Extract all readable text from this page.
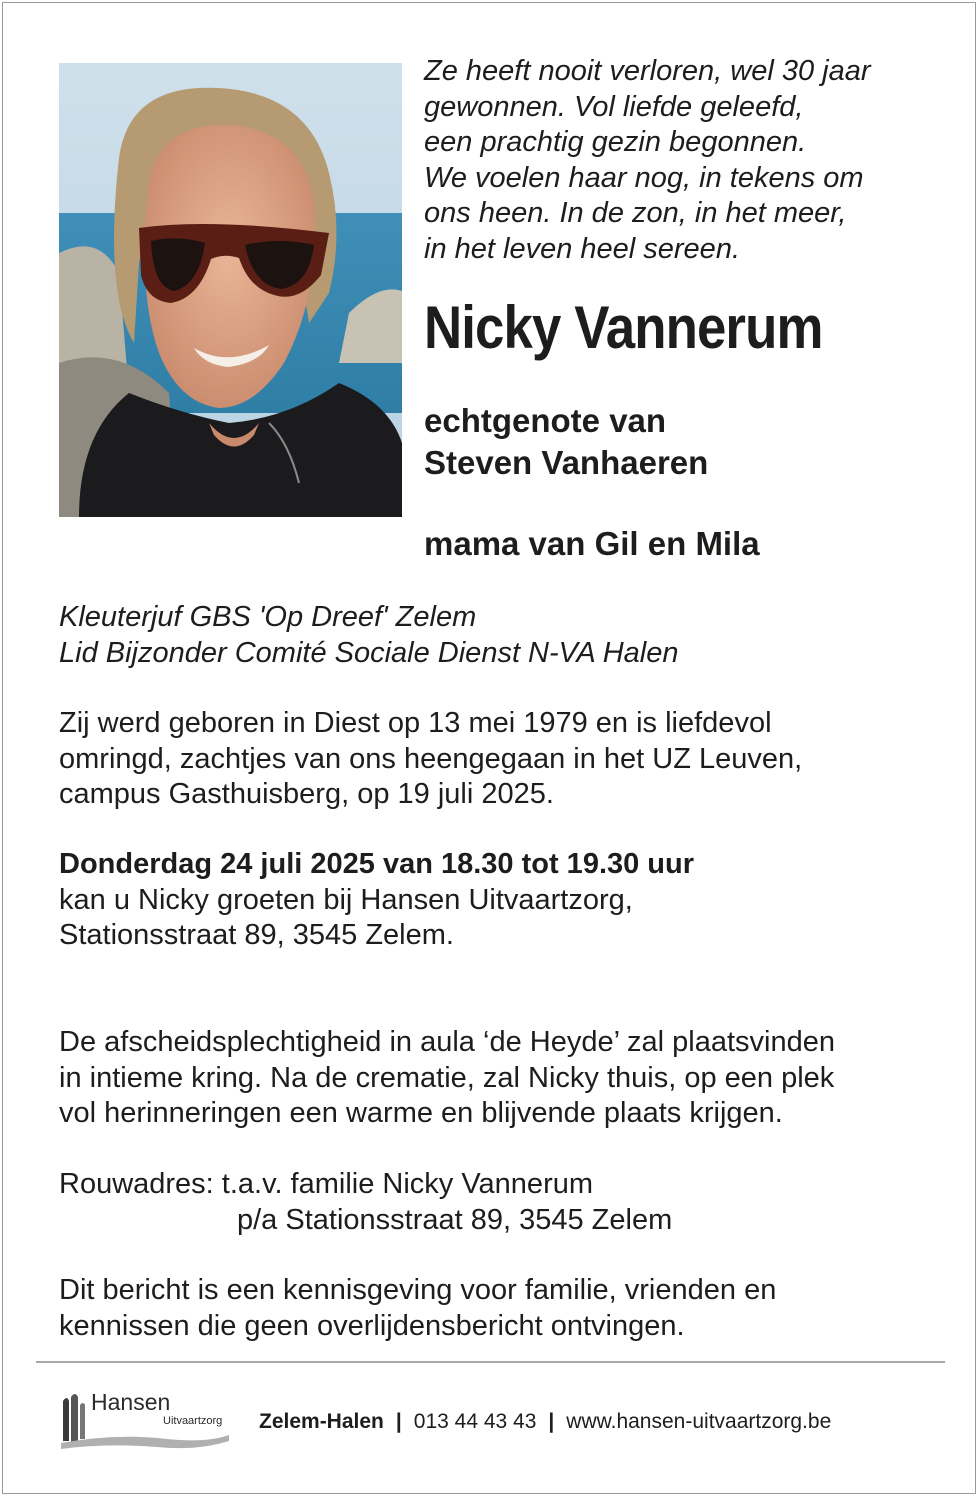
Ze heeft nooit verloren, wel 30 jaar
gewonnen. Vol liefde geleefd,
een prachtig gezin begonnen.
We voelen haar nog, in tekens om
ons heen. In de zon, in het meer,
in het leven heel sereen.
Nicky Vannerum
echtgenote van
Steven Vanhaeren
mama van Gil en Mila
Kleuterjuf GBS 'Op Dreef' Zelem
Lid Bijzonder Comité Sociale Dienst N-VA Halen
Zij werd geboren in Diest op 13 mei 1979 en is liefdevol
omringd, zachtjes van ons heengegaan in het UZ Leuven,
campus Gasthuisberg, op 19 juli 2025.
Donderdag 24 juli 2025 van 18.30 tot 19.30 uur
kan u Nicky groeten bij Hansen Uitvaartzorg,
Stationsstraat 89, 3545 Zelem.
De afscheidsplechtigheid in aula ‘de Heyde’ zal plaatsvinden
in intieme kring. Na de crematie, zal Nicky thuis, op een plek
vol herinneringen een warme en blijvende plaats krijgen.
Rouwadres: t.a.v. familie Nicky Vannerum
p/a Stationsstraat 89, 3545 Zelem
Dit bericht is een kennisgeving voor familie, vrienden en
kennissen die geen overlijdensbericht ontvingen.
Hansen
Uitvaartzorg Zelem-Halen | 013 44 43 43 | www.hansen-uitvaartzorg.be
